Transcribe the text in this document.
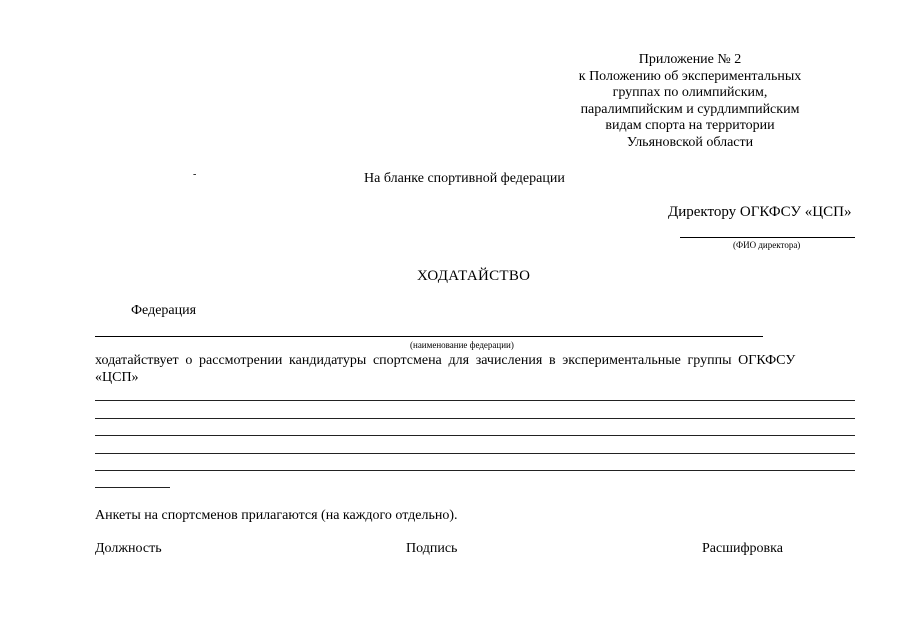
Приложение № 2
к Положению об экспериментальных
группах по олимпийским,
паралимпийским и сурдлимпийским
видам спорта на территории
Ульяновской области
-	Ha бланке спортивной федерации
Директору ОГКФСУ «ЦСП»
(ФИО директора)
ХОДАТАЙСТВО
Федерация
(наименование федерации)
ходатайствует о рассмотрении кандидатуры спортсмена для зачисления в экспериментальные группы ОГКФСУ
«ЦСП»
Анкеты на спортсменов прилагаются (на каждого отдельно).
Должность	Подпись	Расшифровка
